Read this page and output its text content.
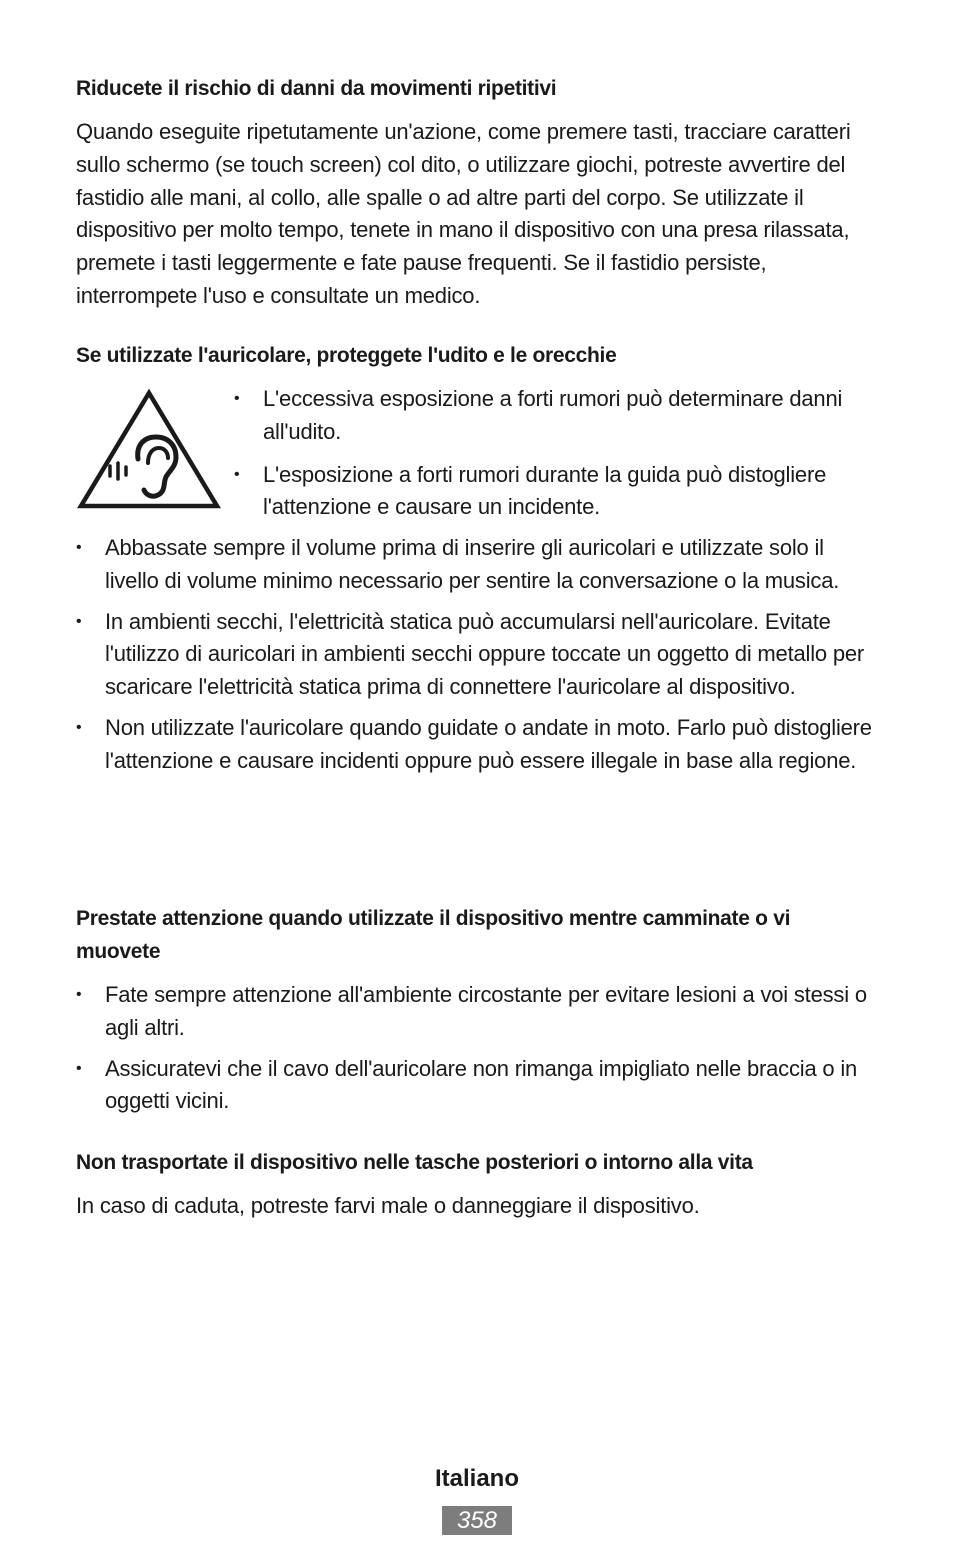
Riducete il rischio di danni da movimenti ripetitivi

Quando eseguite ripetutamente un'azione, come premere tasti, tracciare caratteri sullo schermo (se touch screen) col dito, o utilizzare giochi, potreste avvertire del fastidio alle mani, al collo, alle spalle o ad altre parti del corpo. Se utilizzate il dispositivo per molto tempo, tenete in mano il dispositivo con una presa rilassata, premete i tasti leggermente e fate pause frequenti. Se il fastidio persiste, interrompete l'uso e consultate un medico.

Se utilizzate l'auricolare, proteggete l'udito e le orecchie
• L'eccessiva esposizione a forti rumori può determinare danni all'udito.
• L'esposizione a forti rumori durante la guida può distogliere l'attenzione e causare un incidente.
• Abbassate sempre il volume prima di inserire gli auricolari e utilizzate solo il livello di volume minimo necessario per sentire la conversazione o la musica.
• In ambienti secchi, l'elettricità statica può accumularsi nell'auricolare. Evitate l'utilizzo di auricolari in ambienti secchi oppure toccate un oggetto di metallo per scaricare l'elettricità statica prima di connettere l'auricolare al dispositivo.
• Non utilizzate l'auricolare quando guidate o andate in moto. Farlo può distogliere l'attenzione e causare incidenti oppure può essere illegale in base alla regione.
Prestate attenzione quando utilizzate il dispositivo mentre camminate o vi muovete
• Fate sempre attenzione all'ambiente circostante per evitare lesioni a voi stessi o agli altri.
• Assicuratevi che il cavo dell'auricolare non rimanga impigliato nelle braccia o in oggetti vicini.
Non trasportate il dispositivo nelle tasche posteriori o intorno alla vita

In caso di caduta, potreste farvi male o danneggiare il dispositivo.

Italiano
358
